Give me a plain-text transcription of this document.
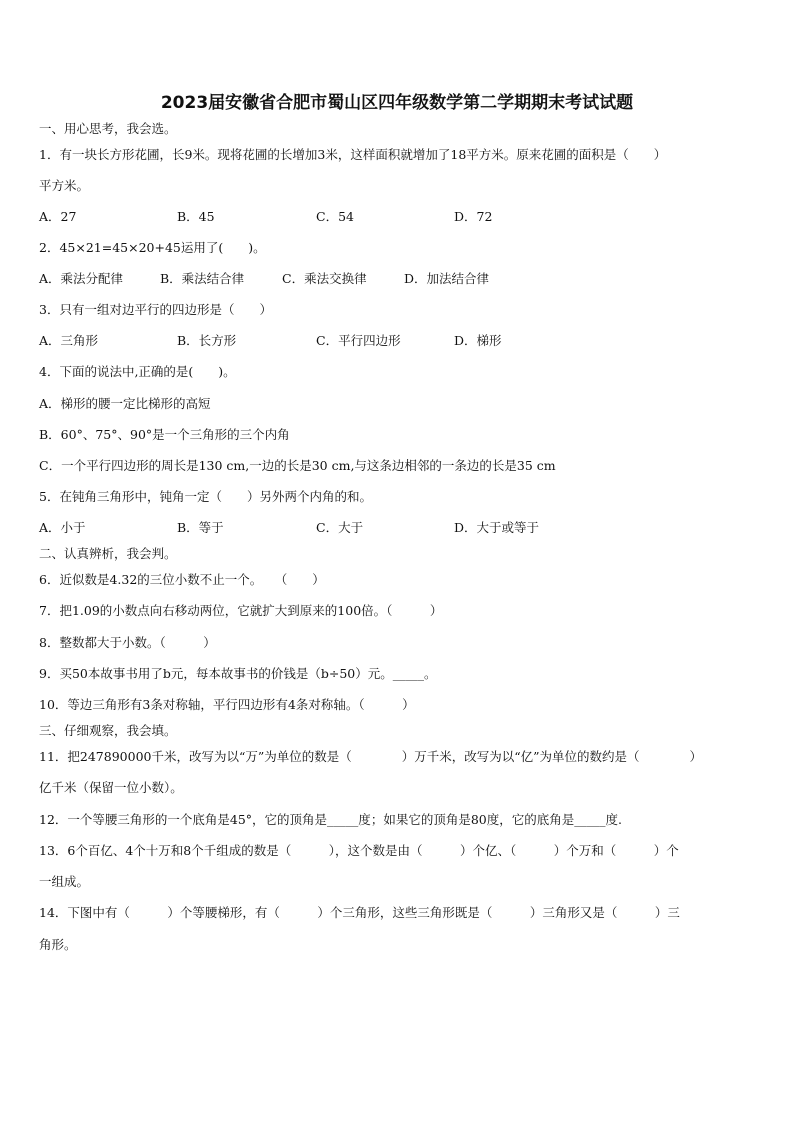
2023届安徽省合肥市蜀山区四年级数学第二学期期末考试试题
一、用心思考，我会选。
1．有一块长方形花圃，长9米。现将花圃的长增加3米，这样面积就增加了18平方米。原来花圃的面积是（　　）
平方米。
A．27	B．45	C．54	D．72
2．45×21=45×20+45运用了(　　)。
A．乘法分配律	B．乘法结合律	C．乘法交换律	D．加法结合律
3．只有一组对边平行的四边形是（　　）
A．三角形	B．长方形	C．平行四边形	D．梯形
4．下面的说法中,正确的是(　　)。
A．梯形的腰一定比梯形的高短
B．60°、75°、90°是一个三角形的三个内角
C．一个平行四边形的周长是130 cm,一边的长是30 cm,与这条边相邻的一条边的长是35 cm
5．在钝角三角形中，钝角一定（　　）另外两个内角的和。
A．小于	B．等于	C．大于	D．大于或等于
二、认真辨析，我会判。
6．近似数是4.32的三位小数不止一个。　　（　　）
7．把1.09的小数点向右移动两位，它就扩大到原来的100倍。（　　　）
8．整数都大于小数。（　　　）
9．买50本故事书用了b元，每本故事书的价钱是（b÷50）元。_____。
10．等边三角形有3条对称轴，平行四边形有4条对称轴。（　　　）
三、仔细观察，我会填。
11．把247890000千米，改写为以“万”为单位的数是（　　　　）万千米，改写为以“亿”为单位的数约是（　　　　）
亿千米（保留一位小数）。
12．一个等腰三角形的一个底角是45°，它的顶角是_____度；如果它的顶角是80度，它的底角是_____度.
13．6个百亿、4个十万和8个千组成的数是（　　　），这个数是由（　　　）个亿、（　　　）个万和（　　　）个
一组成。
14．下图中有（　　　）个等腰梯形，有（　　　）个三角形，这些三角形既是（　　　）三角形又是（　　　）三
角形。
